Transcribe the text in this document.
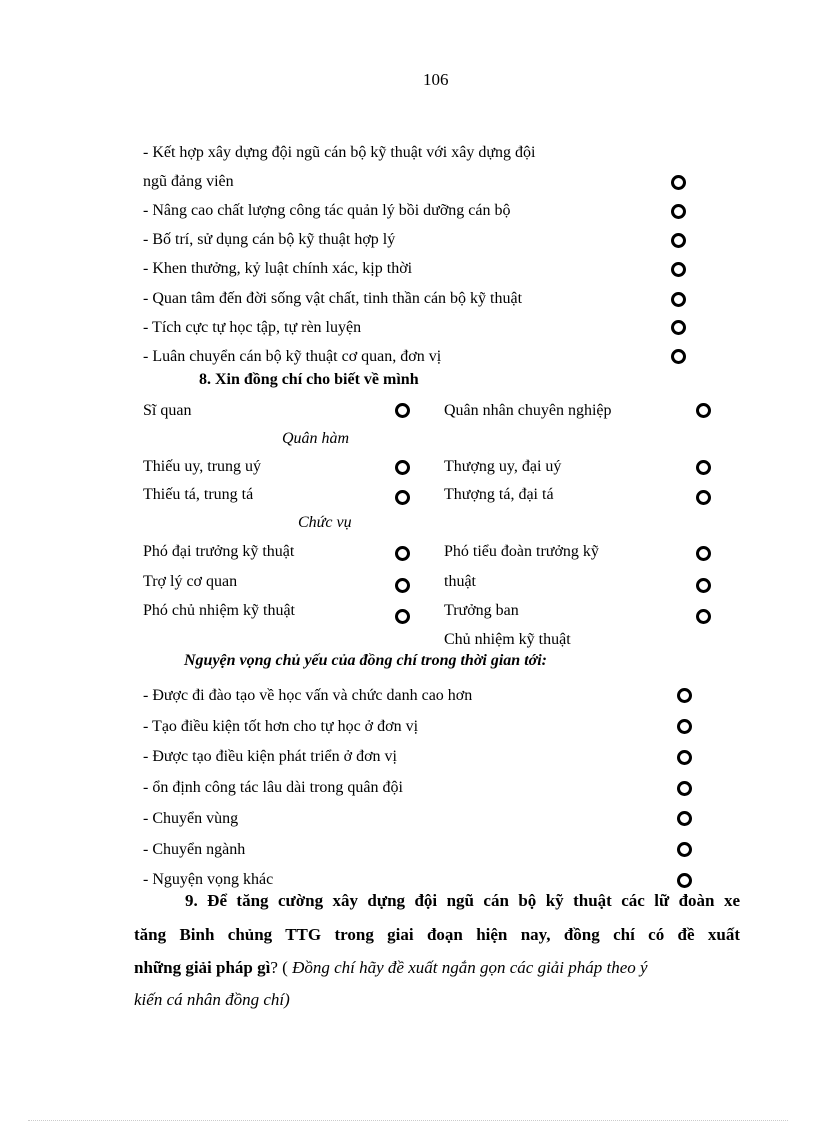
106
- Kết hợp xây dựng đội ngũ cán bộ kỹ thuật với xây dựng đội
ngũ đảng viên
- Nâng cao chất lượng công tác quản lý bồi dưỡng cán bộ
- Bố trí, sử dụng cán bộ kỹ thuật hợp lý
- Khen thưởng, kỷ luật chính xác, kịp thời
- Quan tâm đến đời sống vật chất, tinh thần cán bộ kỹ thuật
- Tích cực tự học tập, tự rèn luyện
- Luân chuyển cán bộ kỹ thuật cơ quan, đơn vị
8. Xin đồng chí cho biết về mình
Sĩ quan	Quân nhân chuyên nghiệp
Quân hàm
Thiếu uy, trung uý	Thượng uy, đại uý
Thiếu tá, trung tá	Thượng tá, đại tá
Chức vụ
Phó đại trưởng kỹ thuật	Phó tiểu đoàn trưởng kỹ
Trợ lý cơ quan	thuật
Phó chủ nhiệm kỹ thuật	Trưởng ban
Chủ nhiệm kỹ thuật
Nguyện vọng chủ yếu của đồng chí trong thời gian tới:
- Được đi đào tạo về học vấn và chức danh cao hơn
- Tạo điều kiện tốt hơn cho tự học ở đơn vị
- Được tạo điều kiện phát triển ở đơn vị
- ổn định công tác lâu dài trong quân đội
- Chuyển vùng
- Chuyển ngành
- Nguyện vọng khác
9. Để tăng cường xây dựng đội ngũ cán bộ kỹ thuật các lữ đoàn xe
tăng Binh chủng TTG trong giai đoạn hiện nay, đồng chí có đề xuất
những giải pháp gì? ( Đồng chí hãy đề xuất ngắn gọn các giải pháp theo ý
kiến cá nhân đồng chí)
